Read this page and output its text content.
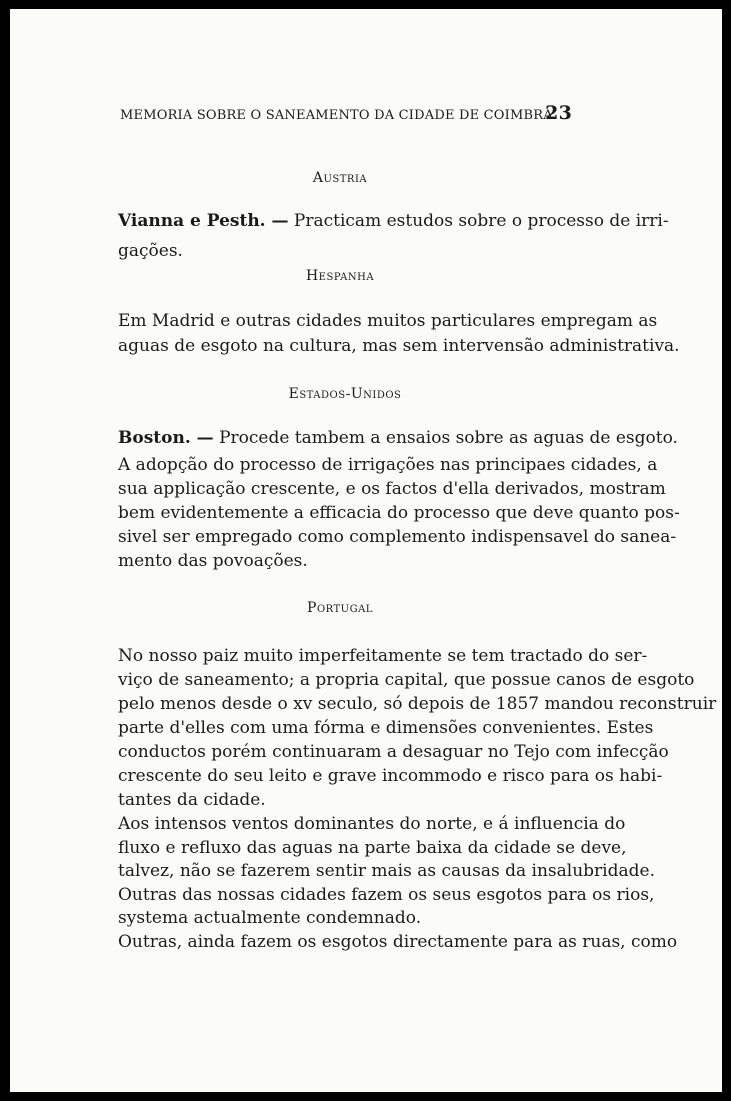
MEMORIA SOBRE O SANEAMENTO DA CIDADE DE COIMBRA
23
Austria
Vianna e Pesth. — Practicam estudos sobre o processo de irri-
gações.
Hespanha
Em Madrid e outras cidades muitos particulares empregam as
aguas de esgoto na cultura, mas sem intervensão administrativa.
Estados-Unidos
Boston. — Procede tambem a ensaios sobre as aguas de esgoto.
A adopção do processo de irrigações nas principaes cidades, a
sua applicação crescente, e os factos d'ella derivados, mostram
bem evidentemente a efficacia do processo que deve quanto pos-
sivel ser empregado como complemento indispensavel do sanea-
mento das povoações.
Portugal
No nosso paiz muito imperfeitamente se tem tractado do ser-
viço de saneamento; a propria capital, que possue canos de esgoto
pelo menos desde o xv seculo, só depois de 1857 mandou reconstruir
parte d'elles com uma fórma e dimensões convenientes. Estes
conductos porém continuaram a desaguar no Tejo com infecção
crescente do seu leito e grave incommodo e risco para os habi-
tantes da cidade.
Aos intensos ventos dominantes do norte, e á influencia do
fluxo e refluxo das aguas na parte baixa da cidade se deve,
talvez, não se fazerem sentir mais as causas da insalubridade.
Outras das nossas cidades fazem os seus esgotos para os rios,
systema actualmente condemnado.
Outras, ainda fazem os esgotos directamente para as ruas, como
